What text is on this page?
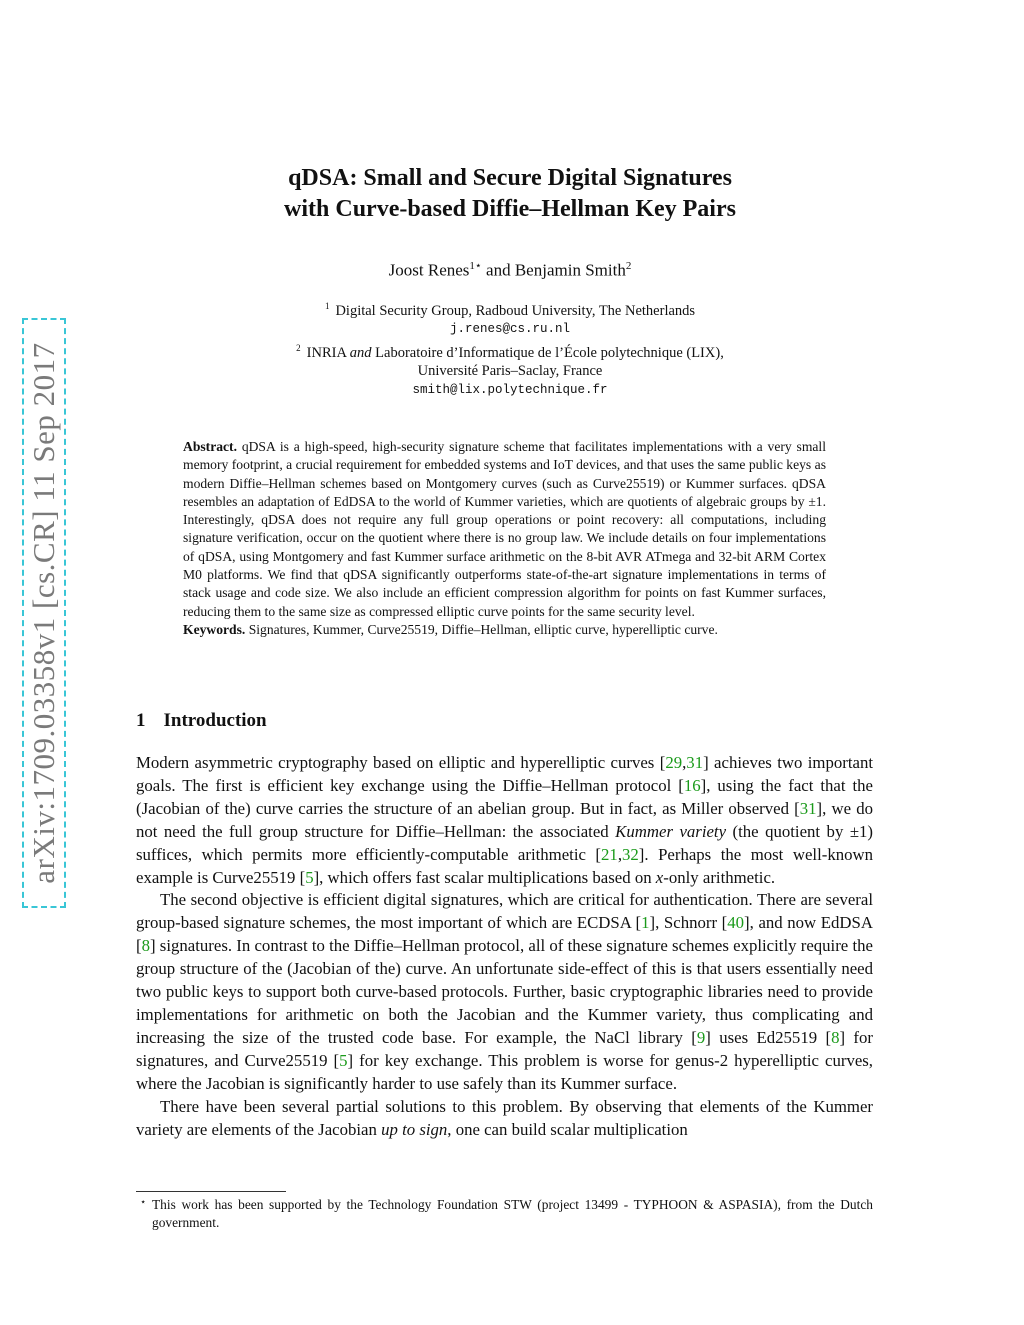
arXiv:1709.03358v1 [cs.CR] 11 Sep 2017
qDSA: Small and Secure Digital Signatures
with Curve-based Diffie–Hellman Key Pairs
Joost Renes$^{1⋆}$ and Benjamin Smith$^2$
$^1$ Digital Security Group, Radboud University, The Netherlands
j.renes@cs.ru.nl
$^2$ INRIA and Laboratoire d’Informatique de l’École polytechnique (LIX),
Université Paris–Saclay, France
smith@lix.polytechnique.fr
Abstract. qDSA is a high-speed, high-security signature scheme that facilitates implementations with a very small memory footprint, a crucial requirement for embedded systems and IoT devices, and that uses the same public keys as modern Diffie–Hellman schemes based on Montgomery curves (such as Curve25519) or Kummer surfaces. qDSA resembles an adaptation of EdDSA to the world of Kummer varieties, which are quotients of algebraic groups by ±1. Interestingly, qDSA does not require any full group operations or point recovery: all computations, including signature verification, occur on the quotient where there is no group law. We include details on four implementations of qDSA, using Montgomery and fast Kummer surface arithmetic on the 8-bit AVR ATmega and 32-bit ARM Cortex M0 platforms. We find that qDSA significantly outperforms state-of-the-art signature implementations in terms of stack usage and code size. We also include an efficient compression algorithm for points on fast Kummer surfaces, reducing them to the same size as compressed elliptic curve points for the same security level.
Keywords. Signatures, Kummer, Curve25519, Diffie–Hellman, elliptic curve, hyperelliptic curve.
1 Introduction

Modern asymmetric cryptography based on elliptic and hyperelliptic curves [29,31] achieves two important goals. The first is efficient key exchange using the Diffie–Hellman protocol [16], using the fact that the (Jacobian of the) curve carries the structure of an abelian group. But in fact, as Miller observed [31], we do not need the full group structure for Diffie–Hellman: the associated Kummer variety (the quotient by ±1) suffices, which permits more efficiently-computable arithmetic [21,32]. Perhaps the most well-known example is Curve25519 [5], which offers fast scalar multiplications based on x-only arithmetic.

The second objective is efficient digital signatures, which are critical for authentication. There are several group-based signature schemes, the most important of which are ECDSA [1], Schnorr [40], and now EdDSA [8] signatures. In contrast to the Diffie–Hellman protocol, all of these signature schemes explicitly require the group structure of the (Jacobian of the) curve. An unfortunate side-effect of this is that users essentially need two public keys to support both curve-based protocols. Further, basic cryptographic libraries need to provide implementations for arithmetic on both the Jacobian and the Kummer variety, thus complicating and increasing the size of the trusted code base. For example, the NaCl library [9] uses Ed25519 [8] for signatures, and Curve25519 [5] for key exchange. This problem is worse for genus-2 hyperelliptic curves, where the Jacobian is significantly harder to use safely than its Kummer surface.

There have been several partial solutions to this problem. By observing that elements of the Kummer variety are elements of the Jacobian up to sign, one can build scalar multiplication

⋆ This work has been supported by the Technology Foundation STW (project 13499 - TYPHOON & ASPASIA), from the Dutch government.
